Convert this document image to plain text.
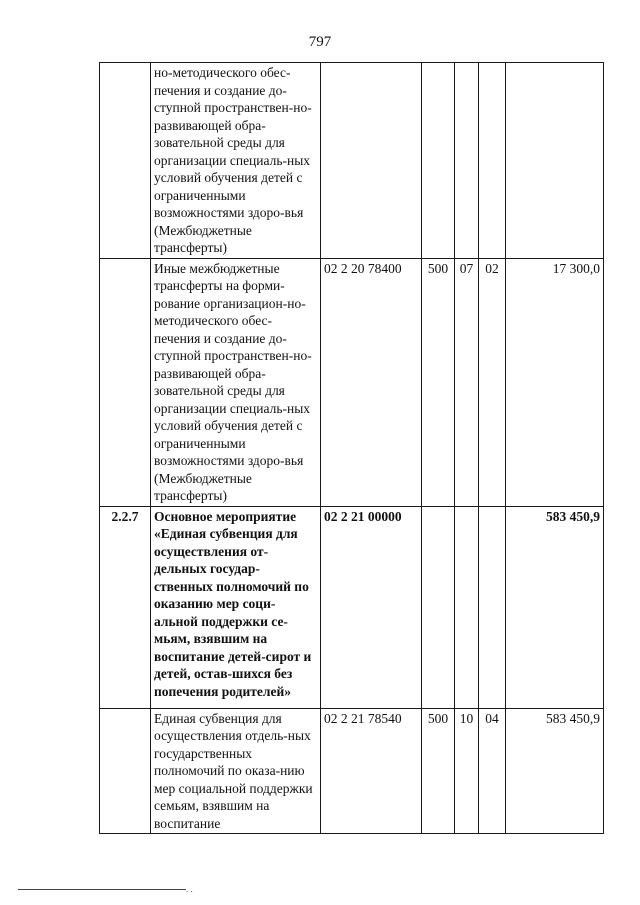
797
	но-методического обес-печения и создание до-ступной пространствен-но-развивающей обра-зовательной среды для организации специаль-ных условий обучения детей с ограниченными возможностями здоро-вья (Межбюджетные трансферты)					
	Иные межбюджетные трансферты на форми-рование организацион-но-методического обес-печения и создание до-ступной пространствен-но-развивающей обра-зовательной среды для организации специаль-ных условий обучения детей с ограниченными возможностями здоро-вья (Межбюджетные трансферты)	02 2 20 78400	500	07	02	17 300,0
2.2.7	Основное мероприятие «Единая субвенция для осуществления от-дельных государ-ственных полномочий по оказанию мер соци-альной поддержки се-мьям, взявшим на воспитание детей-сирот и детей, остав-шихся без попечения родителей»	02 2 21 00000				583 450,9
	Единая субвенция для осуществления отдель-ных государственных полномочий по оказа-нию мер социальной поддержки семьям, взявшим на воспитание	02 2 21 78540	500	10	04	583 450,9
. .
